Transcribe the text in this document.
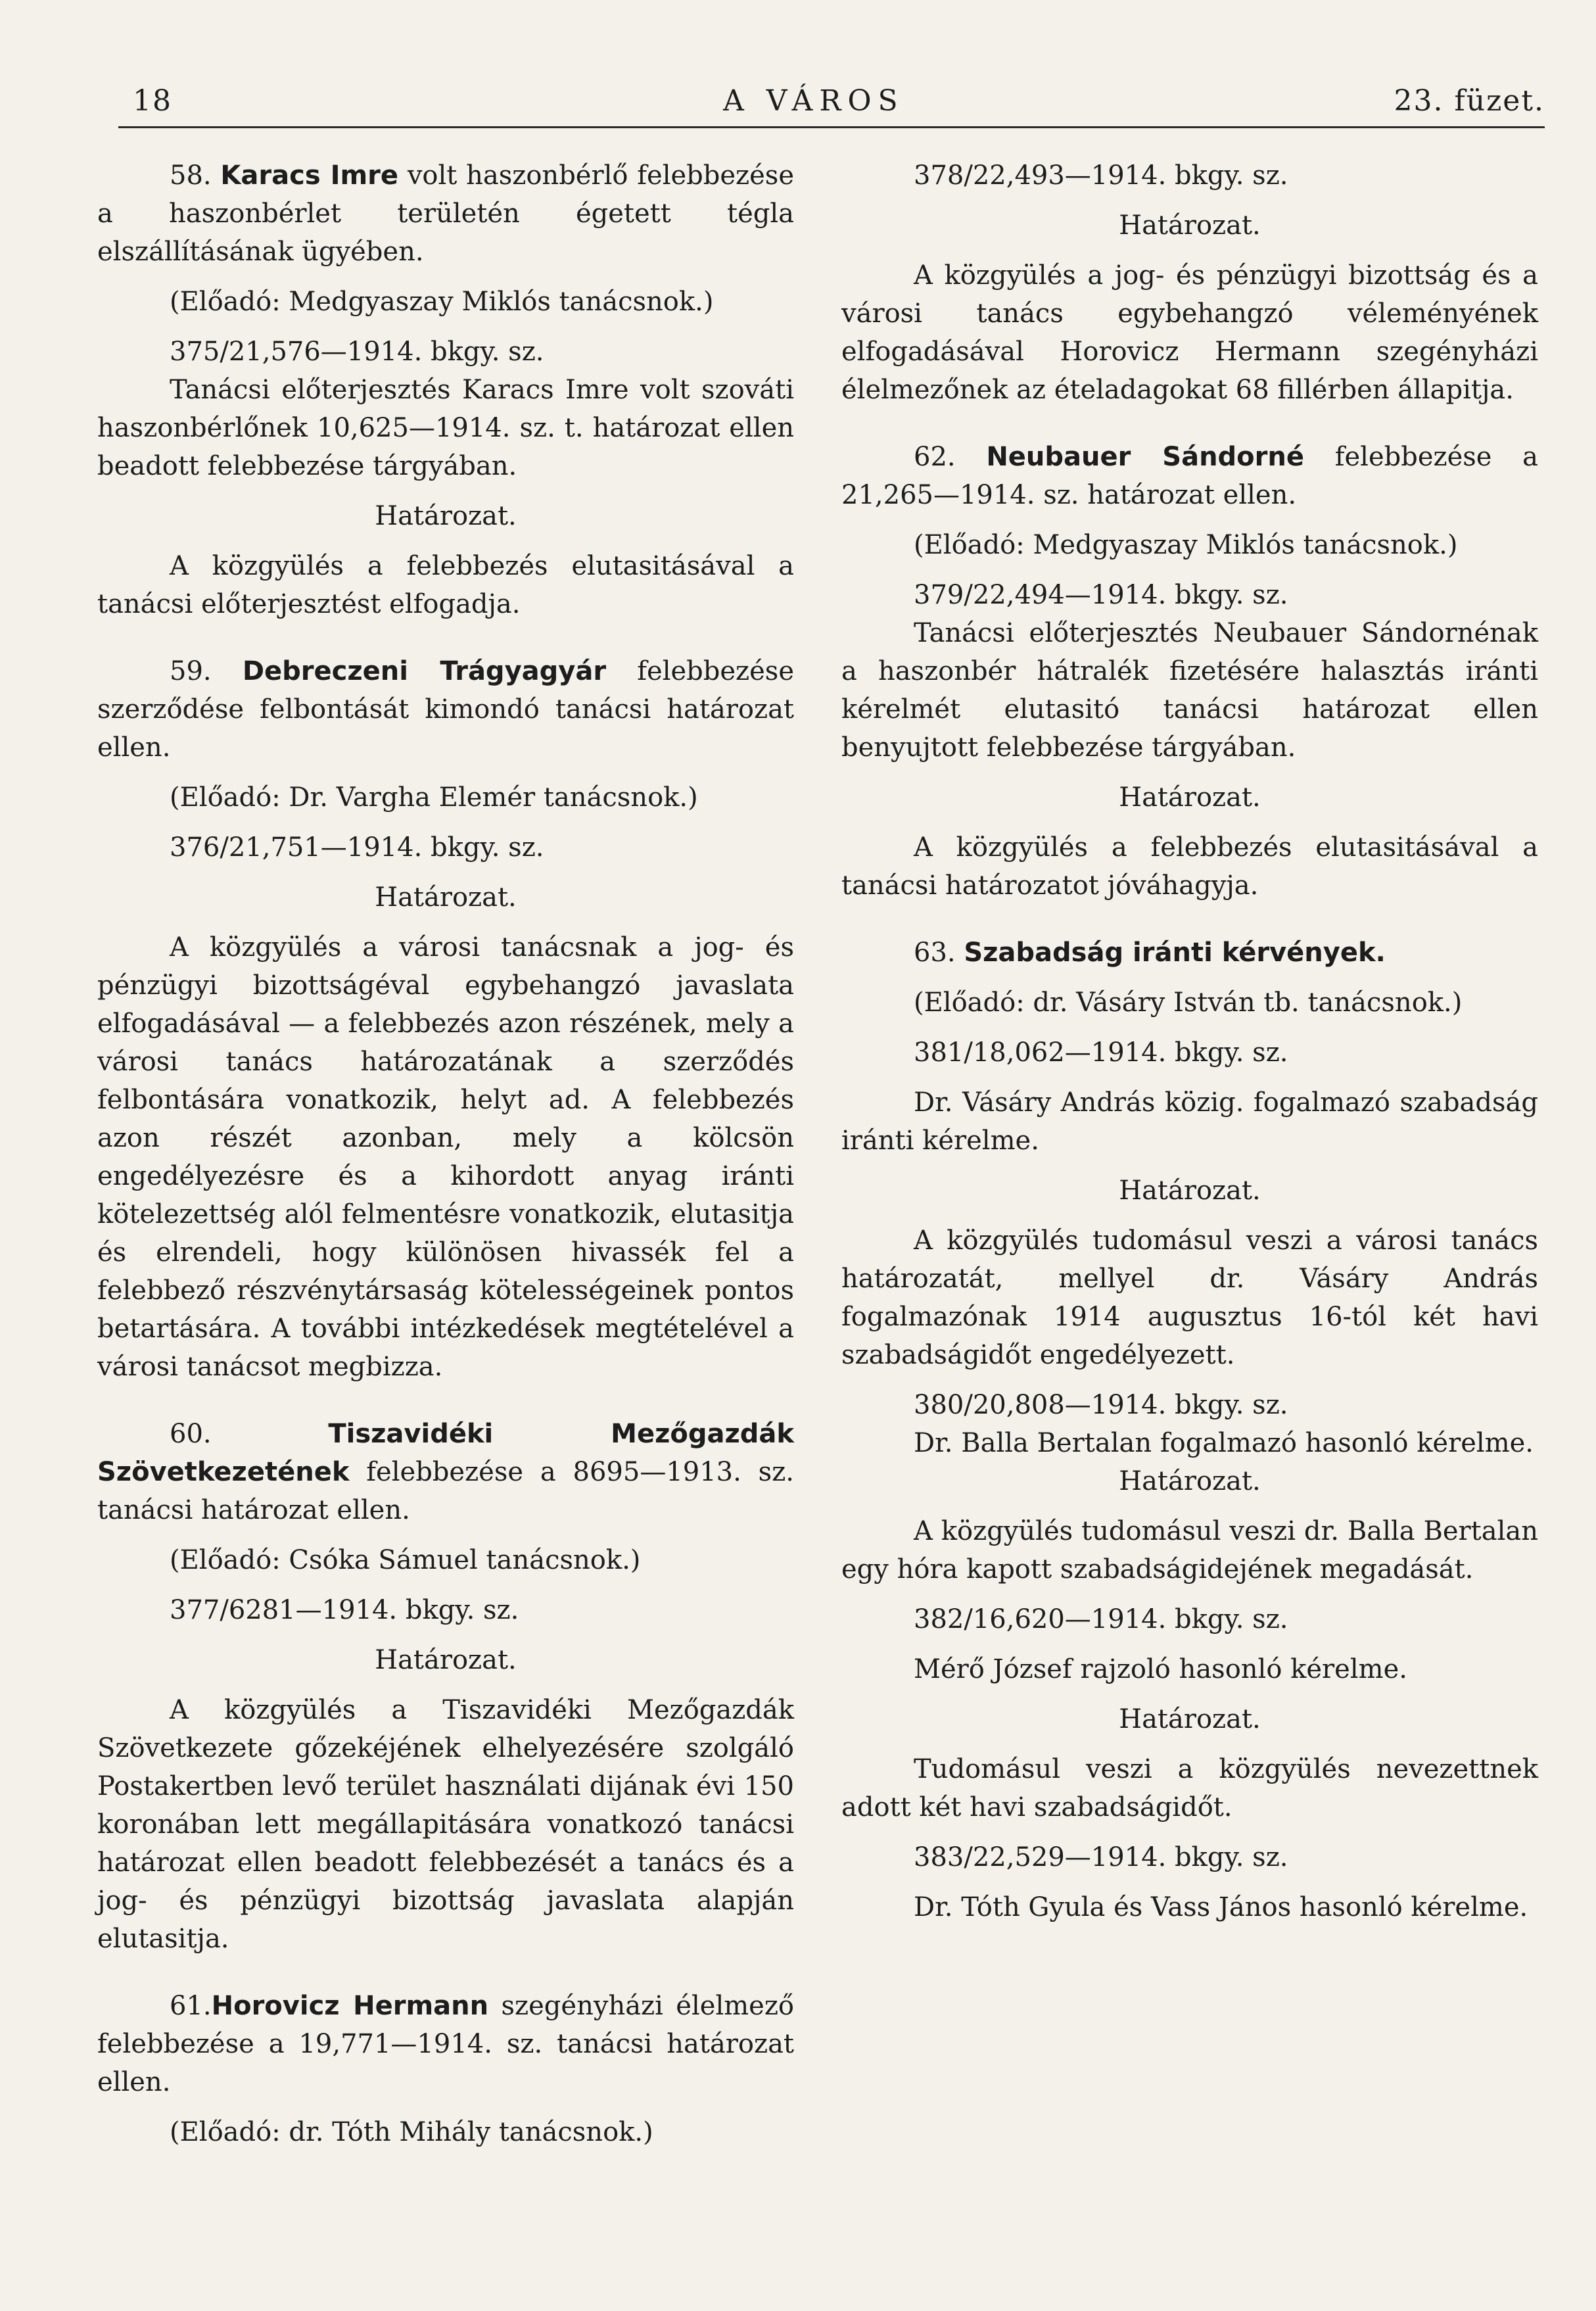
18	A VÁROS	23. füzet.

58. Karacs Imre volt haszonbérlő felebbezése a haszonbérlet területén égetett tégla elszállításának ügyében.

(Előadó: Medgyaszay Miklós tanácsnok.)

375/21,576—1914. bkgy. sz.

Tanácsi előterjesztés Karacs Imre volt szováti haszonbérlőnek 10,625—1914. sz. t. határozat ellen beadott felebbezése tárgyában.

Határozat.

A közgyülés a felebbezés elutasitásával a tanácsi előterjesztést elfogadja.

59. Debreczeni Trágyagyár felebbezése szerződése felbontását kimondó tanácsi határozat ellen.

(Előadó: Dr. Vargha Elemér tanácsnok.)

376/21,751—1914. bkgy. sz.

Határozat.

A közgyülés a városi tanácsnak a jog- és pénzügyi bizottságéval egybehangzó javaslata elfogadásával — a felebbezés azon részének, mely a városi tanács határozatának a szerződés felbontására vonatkozik, helyt ad. A felebbezés azon részét azonban, mely a kölcsön engedélyezésre és a kihordott anyag iránti kötelezettség alól felmentésre vonatkozik, elutasitja és elrendeli, hogy különösen hivassék fel a felebbező részvénytársaság kötelességeinek pontos betartására. A további intézkedések megtételével a városi tanácsot megbizza.

60.	Tiszavidéki Mezőgazdák Szövetkezetének felebbezése a 8695—1913. sz. tanácsi határozat ellen.

(Előadó: Csóka Sámuel tanácsnok.)

377/6281—1914. bkgy. sz.

Határozat.

A közgyülés a Tiszavidéki Mezőgazdák Szövetkezete gőzekéjének elhelyezésére szolgáló Postakertben levő terület használati dijának évi 150 koronában lett megállapitására vonatkozó tanácsi határozat ellen beadott felebbezését a tanács és a jog- és pénzügyi bizottság javaslata alapján elutasitja.

61.Horovicz Hermann szegényházi élelmező felebbezése a 19,771—1914. sz. tanácsi határozat ellen.

(Előadó: dr. Tóth Mihály tanácsnok.)

378/22,493—1914. bkgy. sz.

Határozat.

A közgyülés a jog- és pénzügyi bizottság és a városi tanács egybehangzó véleményének elfogadásával Horovicz Hermann szegényházi élelmezőnek az ételadagokat 68 fillérben állapitja.

62. Neubauer Sándorné felebbezése a 21,265—1914. sz. határozat ellen.

(Előadó: Medgyaszay Miklós tanácsnok.)

379/22,494—1914. bkgy. sz.

Tanácsi előterjesztés Neubauer Sándornénak a haszonbér hátralék fizetésére halasztás iránti kérelmét elutasitó tanácsi határozat ellen benyujtott felebbezése tárgyában.

Határozat.

A közgyülés a felebbezés elutasitásával a tanácsi határozatot jóváhagyja.

63. Szabadság iránti kérvények.

(Előadó: dr. Vásáry István tb. tanácsnok.)

381/18,062—1914. bkgy. sz.

Dr. Vásáry András közig. fogalmazó szabadság iránti kérelme.

Határozat.

A közgyülés tudomásul veszi a városi tanács határozatát, mellyel dr. Vásáry András fogalmazónak 1914 augusztus 16-tól két havi szabadságidőt engedélyezett.

380/20,808—1914. bkgy. sz.

Dr. Balla Bertalan fogalmazó hasonló kérelme.

Határozat.

A közgyülés tudomásul veszi dr. Balla Bertalan egy hóra kapott szabadságidejének megadását.

382/16,620—1914. bkgy. sz.

Mérő József rajzoló hasonló kérelme.

Határozat.

Tudomásul veszi a közgyülés nevezettnek adott két havi szabadságidőt.

383/22,529—1914. bkgy. sz.

Dr. Tóth Gyula és Vass János hasonló kérelme.
